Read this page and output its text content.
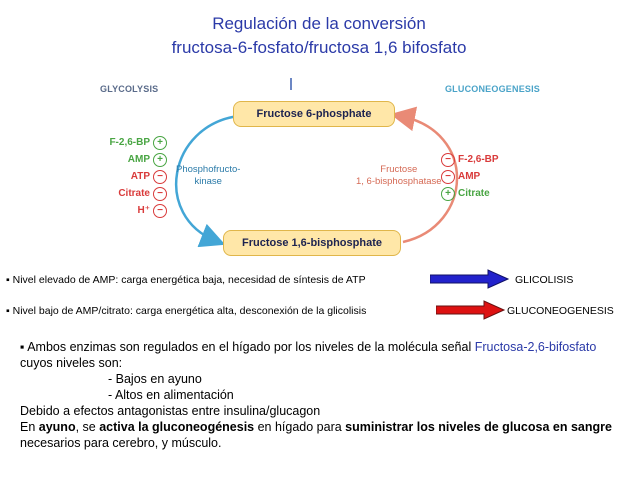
Regulación de la conversión
fructosa-6-fosfato/fructosa 1,6 bifosfato
GLYCOLYSIS	GLUCONEOGENESIS
Fructose 6-phosphate
Fructose 1,6-bisphosphate
Phosphofructo-
kinase
Fructose
1, 6-bisphosphatase
F-2,6-BP +
AMP +
ATP −
Citrate −
H⁺ −
− F-2,6-BP
− AMP
+ Citrate
▪ Nivel elevado de AMP: carga energética baja, necesidad de síntesis de ATP	GLICOLISIS
▪ Nivel bajo de AMP/citrato: carga energética alta, desconexión de la glicolisis	GLUCONEOGENESIS
▪ Ambos enzimas son regulados en el hígado por los niveles de la molécula señal Fructosa-2,6-bifosfato cuyos niveles son:
- Bajos en ayuno
- Altos en alimentación
Debido a efectos antagonistas entre insulina/glucagon
En ayuno, se activa la gluconeogénesis en hígado para suministrar los niveles de glucosa en sangre necesarios para cerebro, y músculo.
